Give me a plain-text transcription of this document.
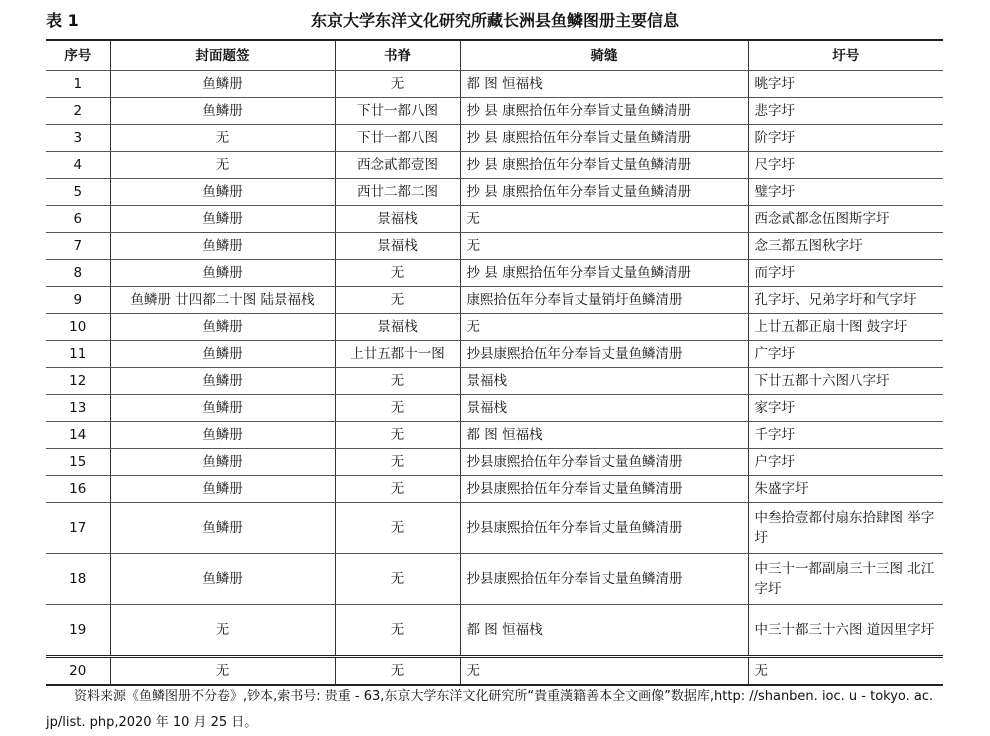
表 1	东京大学东洋文化研究所藏长洲县鱼鳞图册主要信息
序号	封面题签	书脊	骑缝	圩号
1	鱼鳞册	无	都 图 恒福栈	晀字圩
2	鱼鳞册	下廿一都八图	抄 县 康熙拾伍年分奉旨丈量鱼鳞清册	悲字圩
3	无	下廿一都八图	抄 县 康熙拾伍年分奉旨丈量鱼鳞清册	阶字圩
4	无	西念貳都壹图	抄 县 康熙拾伍年分奉旨丈量鱼鳞清册	尺字圩
5	鱼鳞册	西廿二都二图	抄 县 康熙拾伍年分奉旨丈量鱼鳞清册	璧字圩
6	鱼鳞册	景福栈	无	西念貳都念伍图斯字圩
7	鱼鳞册	景福栈	无	念三都五图秋字圩
8	鱼鳞册	无	抄 县 康熙拾伍年分奉旨丈量鱼鳞清册	而字圩
9	鱼鳞册 廿四都二十图 陆景福栈	无	康熙拾伍年分奉旨丈量销圩鱼鳞清册	孔字圩、兄弟字圩和气字圩
10	鱼鳞册	景福栈	无	上廿五都正扇十图 鼓字圩
11	鱼鳞册	上廿五都十一图	抄县康熙拾伍年分奉旨丈量鱼鳞清册	广字圩
12	鱼鳞册	无	景福栈	下廿五都十六图八字圩
13	鱼鳞册	无	景福栈	家字圩
14	鱼鳞册	无	都 图 恒福栈	千字圩
15	鱼鳞册	无	抄县康熙拾伍年分奉旨丈量鱼鳞清册	户字圩
16	鱼鳞册	无	抄县康熙拾伍年分奉旨丈量鱼鳞清册	朱盛字圩
17	鱼鳞册	无	抄县康熙拾伍年分奉旨丈量鱼鳞清册	中叁拾壹都付扇东拾肆图 举字圩
18	鱼鳞册	无	抄县康熙拾伍年分奉旨丈量鱼鳞清册	中三十一都副扇三十三图 北江字圩
19	无	无	都 图 恒福栈	中三十都三十六图 道因里字圩
20	无	无	无	无
资料来源《鱼鳞图册不分卷》,钞本,索书号: 贵重 - 63,东京大学东洋文化研究所“貴重漢籍善本全文画像”数据库,http: //shanben. ioc. u - tokyo. ac. jp/list. php,2020 年 10 月 25 日。
